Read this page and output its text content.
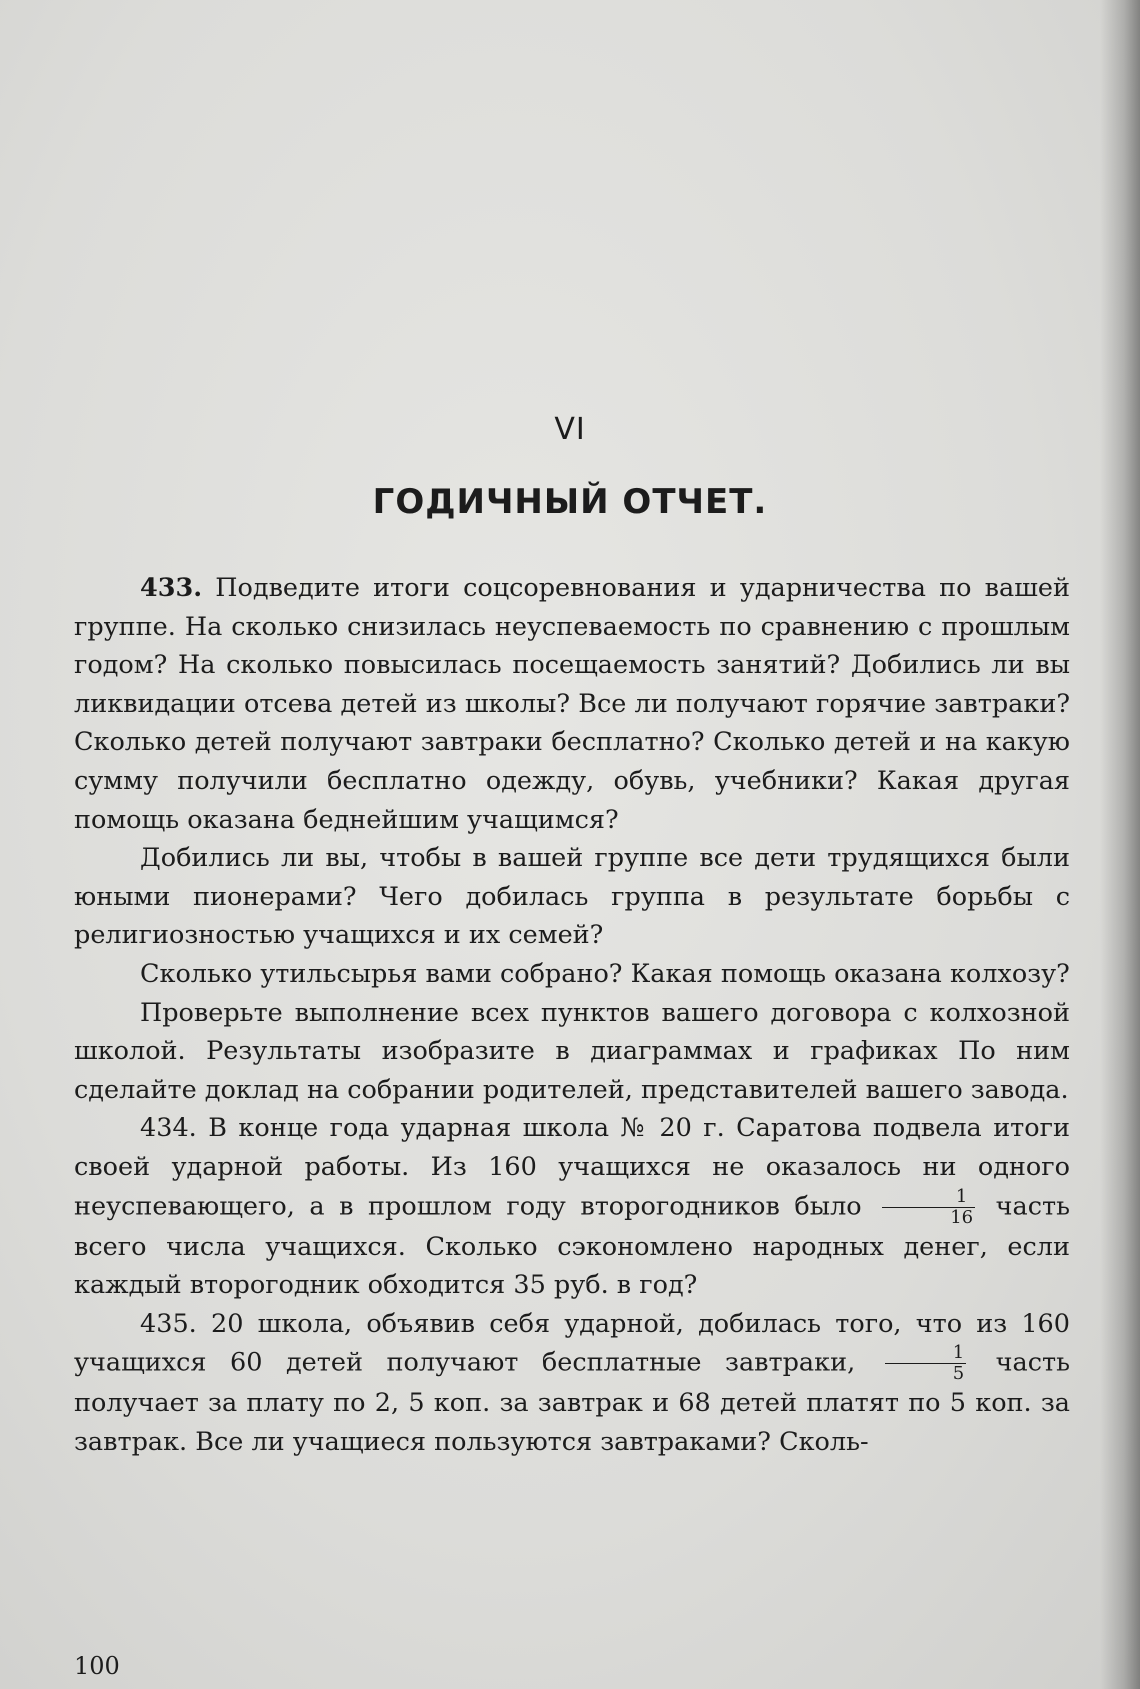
VI
ГОДИЧНЫЙ ОТЧЕТ.

433. Подведите итоги соцсоревнования и ударничества по вашей группе. На сколько снизилась неуспеваемость по сравнению с прошлым годом? На сколько повысилась посещаемость занятий? Добились ли вы ликвидации отсева детей из школы? Все ли получают горячие завтраки? Сколько детей получают завтраки бесплатно? Сколько детей и на какую сумму получили бесплатно одежду, обувь, учебники? Какая другая помощь оказана беднейшим учащимся?

Добились ли вы, чтобы в вашей группе все дети трудящихся были юными пионерами? Чего добилась группа в результате борьбы с религиозностью учащихся и их семей?

Сколько утильсырья вами собрано? Какая помощь оказана колхозу?

Проверьте выполнение всех пунктов вашего договора с колхозной школой. Результаты изобразите в диаграммах и графиках По ним сделайте доклад на собрании родителей, представителей вашего завода.

434. В конце года ударная школа № 20 г. Саратова подвела итоги своей ударной работы. Из 160 учащихся не оказалось ни одного неуспевающего, а в прошлом году второгодников было $\frac{1}{16}$ часть всего числа учащихся. Сколько сэкономлено народных денег, если каждый второгодник обходится 35 руб. в год?

435. 20 школа, объявив себя ударной, добилась того, что из 160 учащихся 60 детей получают бесплатные завтраки, $\frac{1}{5}$ часть получает за плату по 2, 5 коп. за завтрак и 68 детей платят по 5 коп. за завтрак. Все ли учащиеся пользуются завтраками? Сколь-

100
